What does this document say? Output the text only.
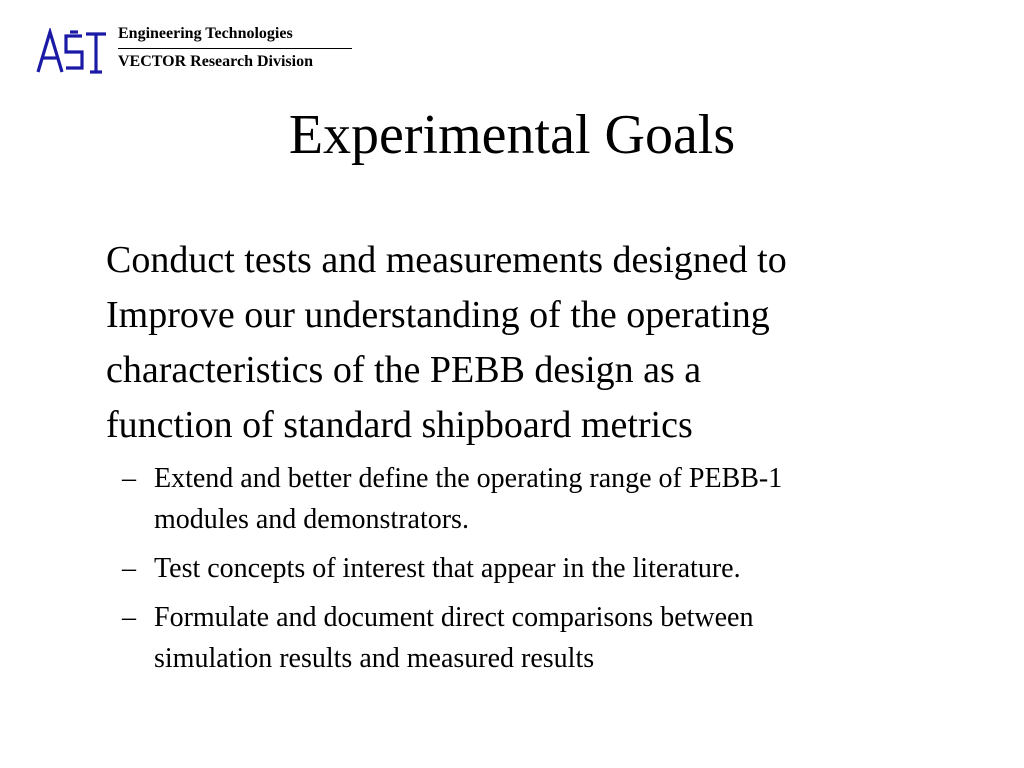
Engineering Technologies
VECTOR Research Division
Experimental Goals
Conduct tests and measurements designed to
Improve our understanding of the operating
characteristics of the PEBB design as a
function of standard shipboard metrics
– Extend and better define the operating range of PEBB-1
modules and demonstrators.
– Test concepts of interest that appear in the literature.
– Formulate and document direct comparisons between
simulation results and measured results
